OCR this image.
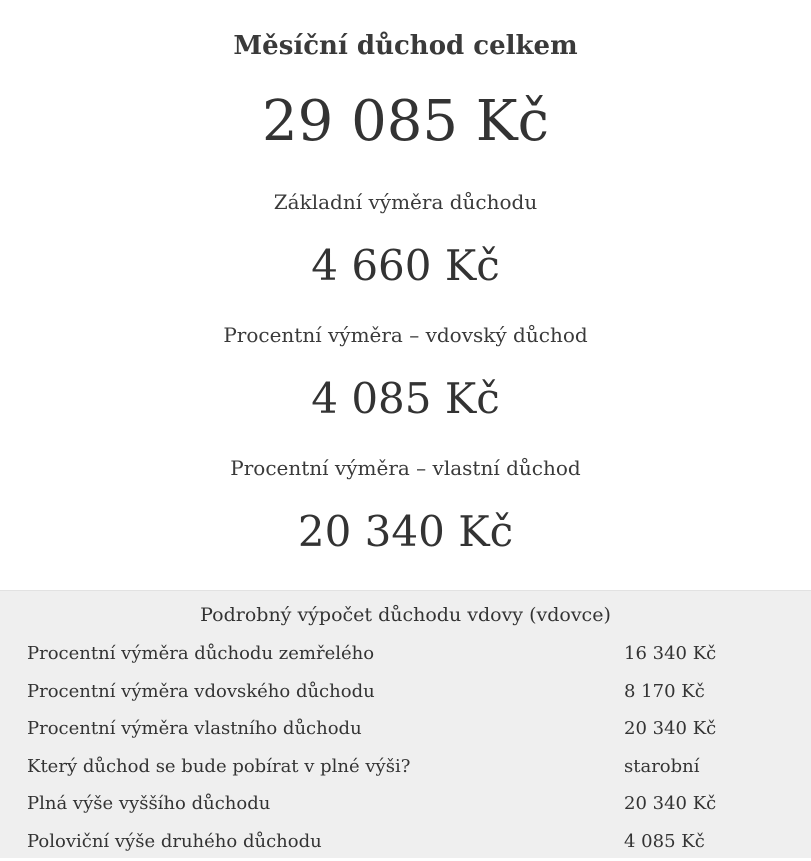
Měsíční důchod celkem
29 085 Kč
Základní výměra důchodu
4 660 Kč
Procentní výměra – vdovský důchod
4 085 Kč
Procentní výměra – vlastní důchod
20 340 Kč
Podrobný výpočet důchodu vdovy (vdovce)
Procentní výměra důchodu zemřelého	16 340 Kč
Procentní výměra vdovského důchodu	8 170 Kč
Procentní výměra vlastního důchodu	20 340 Kč
Který důchod se bude pobírat v plné výši?	starobní
Plná výše vyššího důchodu	20 340 Kč
Poloviční výše druhého důchodu	4 085 Kč
